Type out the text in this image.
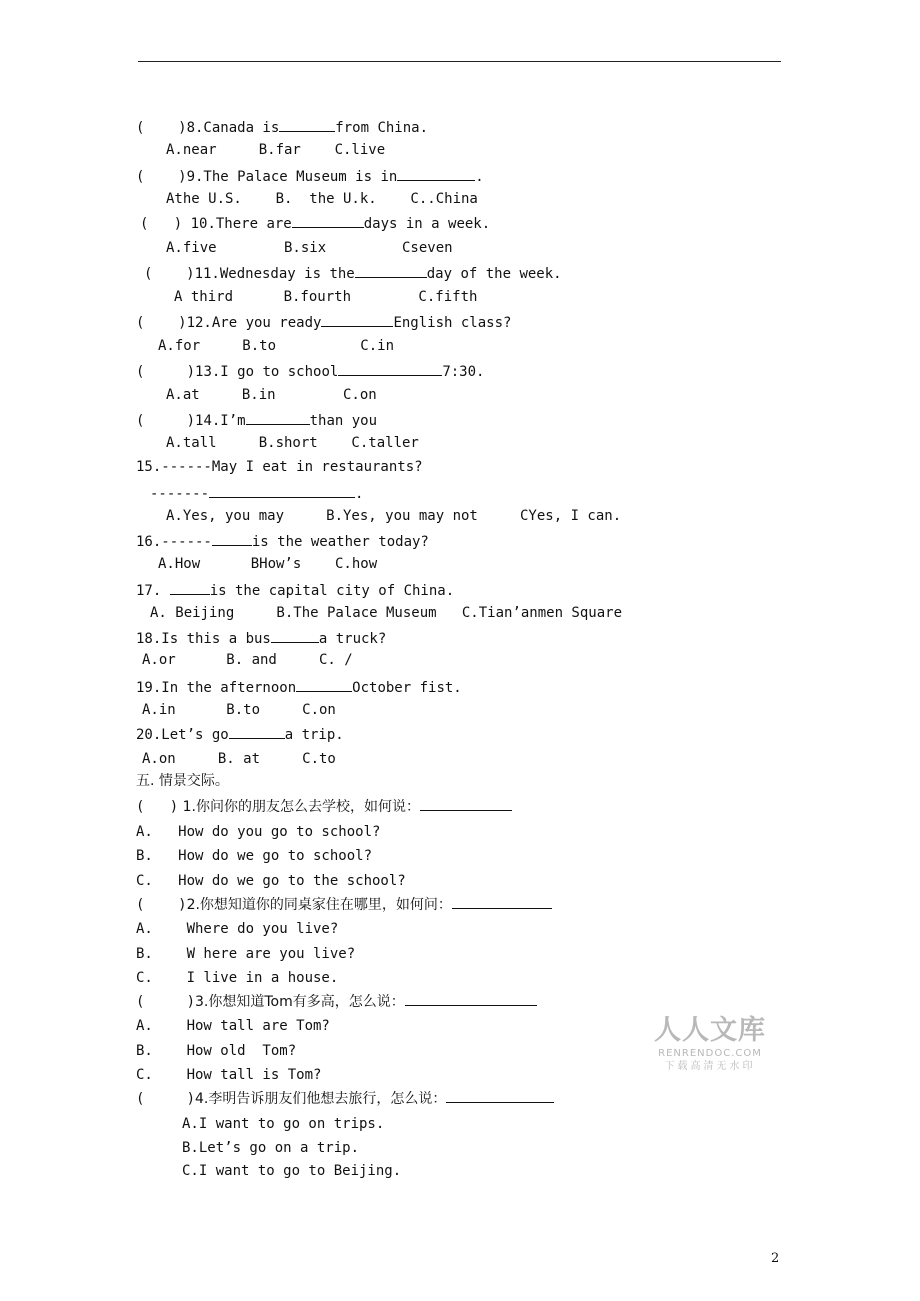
(    )8.Canada is	from China.
A.near     B.far    C.live
(    )9.The Palace Museum is in	.
Athe U.S.    B.  the U.k.    C..China
(   ) 10.There are	days in a week.
A.five        B.six         Cseven
(    )11.Wednesday is the	day of the week.
A third      B.fourth        C.fifth
(    )12.Are you ready	English class?
A.for     B.to          C.in
(     )13.I go to school	7:30.
A.at     B.in        C.on
(     )14.I’m	than you
A.tall     B.short    C.taller
15.------May I eat in restaurants?
-------	.
A.Yes, you may     B.Yes, you may not     CYes, I can.
16.------	is the weather today?
A.How      BHow’s    C.how
17.	is the capital city of China.
A. Beijing     B.The Palace Museum   C.Tian’anmen Square
18.Is this a bus	a truck?
A.or      B. and     C. /
19.In the afternoon	October fist.
A.in      B.to     C.on
20.Let’s go	a trip.
A.on     B. at     C.to
五. 情景交际。
(   ) 1.你问你的朋友怎么去学校，如何说：
A.   How do you go to school?
B.   How do we go to school?
C.   How do we go to the school?
(    )2.你想知道你的同桌家住在哪里，如何问：
A.    Where do you live?
B.    W here are you live?
C.    I live in a house.
(     )3.你想知道Tom有多高，怎么说：
A.    How tall are Tom?
B.    How old  Tom?
C.    How tall is Tom?
(     )4.李明告诉朋友们他想去旅行，怎么说：
A.I want to go on trips.
B.Let’s go on a trip.
C.I want to go to Beijing.
人人文库
RENRENDOC.COM
下载高清无水印
2
